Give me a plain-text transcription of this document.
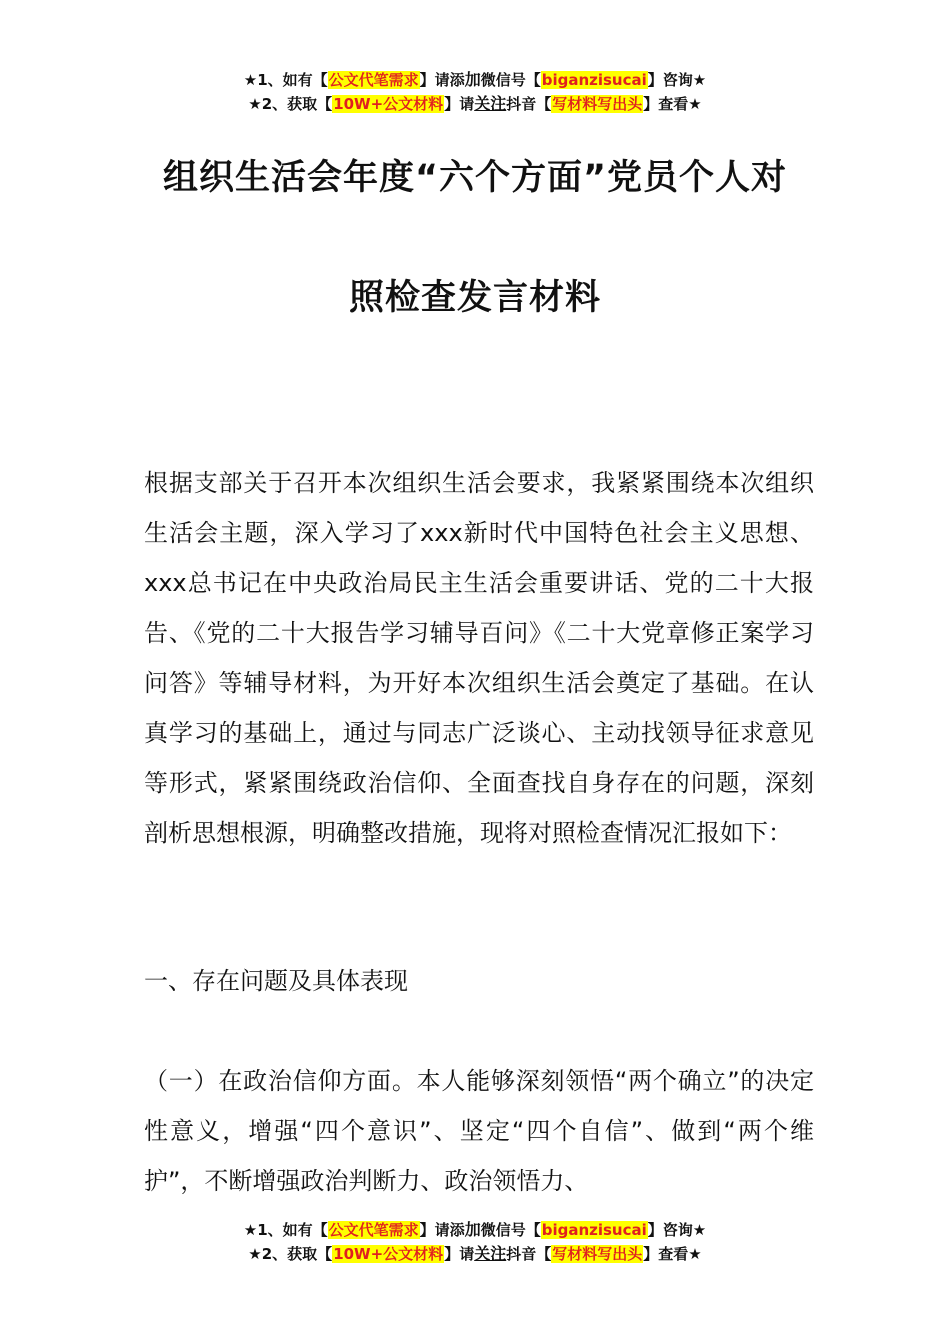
★1、如有【公文代笔需求】请添加微信号【biganzisucai】咨询★
★2、获取【10W+公文材料】请关注抖音【写材料写出头】查看★
组织生活会年度“六个方面”党员个人对
照检查发言材料
根据支部关于召开本次组织生活会要求，我紧紧围绕本次组织生活会主题，深入学习了xxx新时代中国特色社会主义思想、xxx总书记在中央政治局民主生活会重要讲话、党的二十大报告、《党的二十大报告学习辅导百问》《二十大党章修正案学习问答》等辅导材料，为开好本次组织生活会奠定了基础。在认真学习的基础上，通过与同志广泛谈心、主动找领导征求意见等形式，紧紧围绕政治信仰、全面查找自身存在的问题，深刻剖析思想根源，明确整改措施，现将对照检查情况汇报如下：
一、存在问题及具体表现
（一）在政治信仰方面。本人能够深刻领悟“两个确立”的决定性意义，增强“四个意识”、坚定“四个自信”、做到“两个维护”，不断增强政治判断力、政治领悟力、
★1、如有【公文代笔需求】请添加微信号【biganzisucai】咨询★
★2、获取【10W+公文材料】请关注抖音【写材料写出头】查看★
